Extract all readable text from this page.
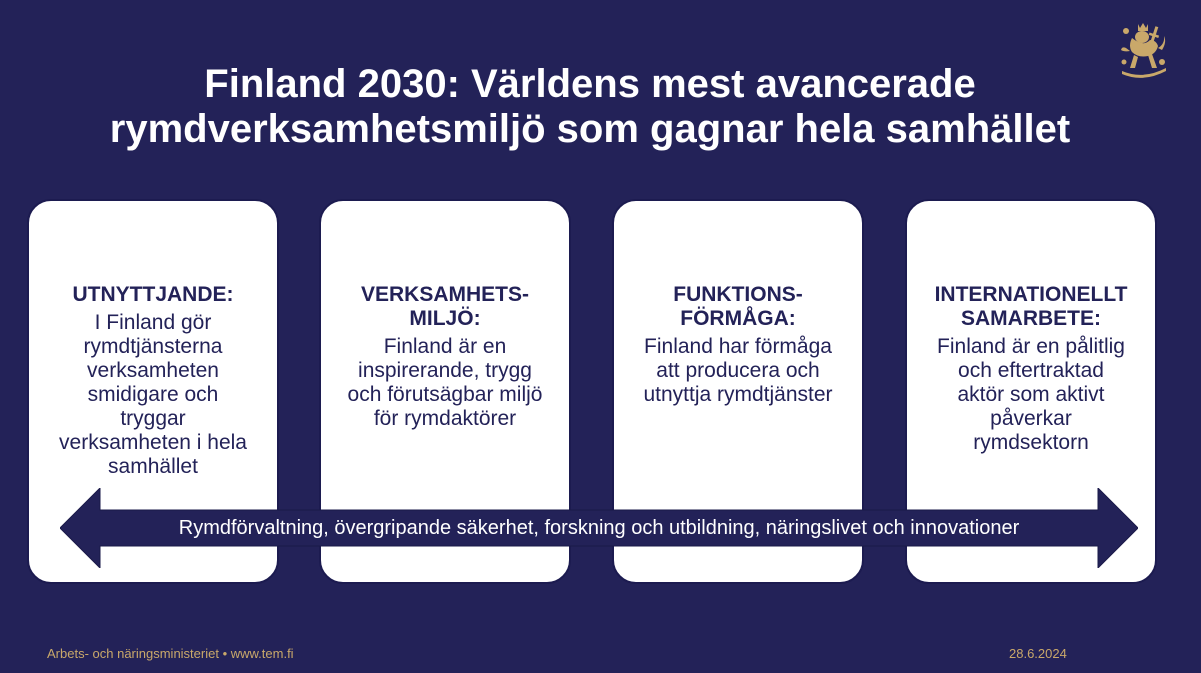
Finland 2030: Världens mest avancerade
rymdverksamhetsmiljö som gagnar hela samhället
UTNYTTJANDE:
I Finland gör
rymdtjänsterna
verksamheten
smidigare och
tryggar
verksamheten i hela
samhället
VERKSAMHETS-
MILJÖ:
Finland är en
inspirerande, trygg
och förutsägbar miljö
för rymdaktörer
FUNKTIONS-
FÖRMÅGA:
Finland har förmåga
att producera och
utnyttja rymdtjänster
INTERNATIONELLT
SAMARBETE:
Finland är en pålitlig
och eftertraktad
aktör som aktivt
påverkar
rymdsektorn
Rymdförvaltning, övergripande säkerhet, forskning och utbildning, näringslivet och innovationer
Arbets- och näringsministeriet • www.tem.fi	28.6.2024
